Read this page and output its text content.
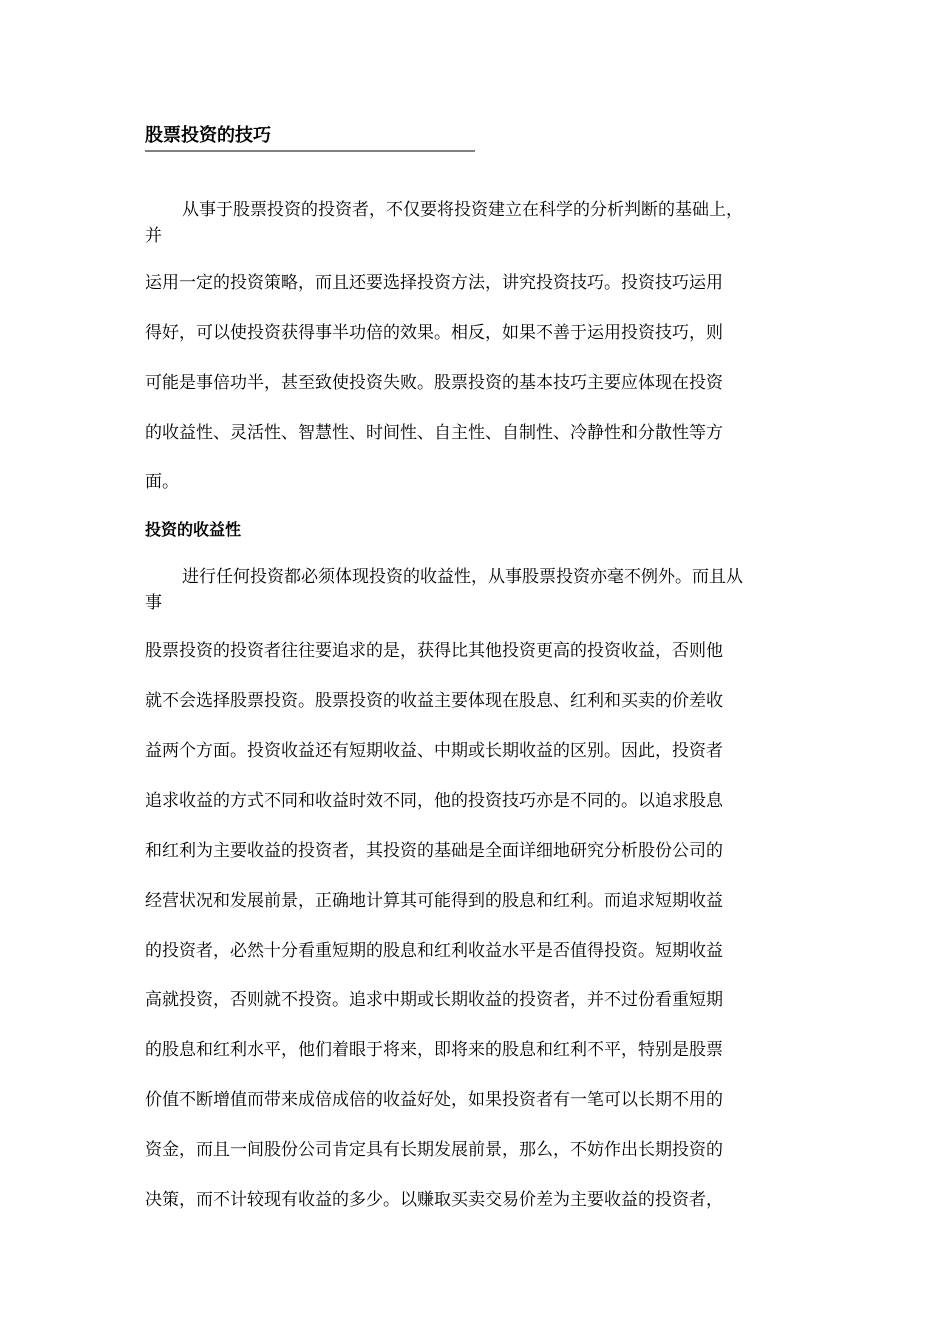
股票投资的技巧
从事于股票投资的投资者，不仅要将投资建立在科学的分析判断的基础上，
并
运用一定的投资策略，而且还要选择投资方法，讲究投资技巧。投资技巧运用
得好，可以使投资获得事半功倍的效果。相反，如果不善于运用投资技巧，则
可能是事倍功半，甚至致使投资失败。股票投资的基本技巧主要应体现在投资
的收益性、灵活性、智慧性、时间性、自主性、自制性、冷静性和分散性等方
面。
投资的收益性
进行任何投资都必须体现投资的收益性，从事股票投资亦毫不例外。而且从
事
股票投资的投资者往往要追求的是，获得比其他投资更高的投资收益，否则他
就不会选择股票投资。股票投资的收益主要体现在股息、红利和买卖的价差收
益两个方面。投资收益还有短期收益、中期或长期收益的区别。因此，投资者
追求收益的方式不同和收益时效不同，他的投资技巧亦是不同的。以追求股息
和红利为主要收益的投资者，其投资的基础是全面详细地研究分析股份公司的
经营状况和发展前景，正确地计算其可能得到的股息和红利。而追求短期收益
的投资者，必然十分看重短期的股息和红利收益水平是否值得投资。短期收益
高就投资，否则就不投资。追求中期或长期收益的投资者，并不过份看重短期
的股息和红利水平，他们着眼于将来，即将来的股息和红利不平，特别是股票
价值不断增值而带来成倍成倍的收益好处，如果投资者有一笔可以长期不用的
资金，而且一间股份公司肯定具有长期发展前景，那么，不妨作出长期投资的
决策，而不计较现有收益的多少。以赚取买卖交易价差为主要收益的投资者，
